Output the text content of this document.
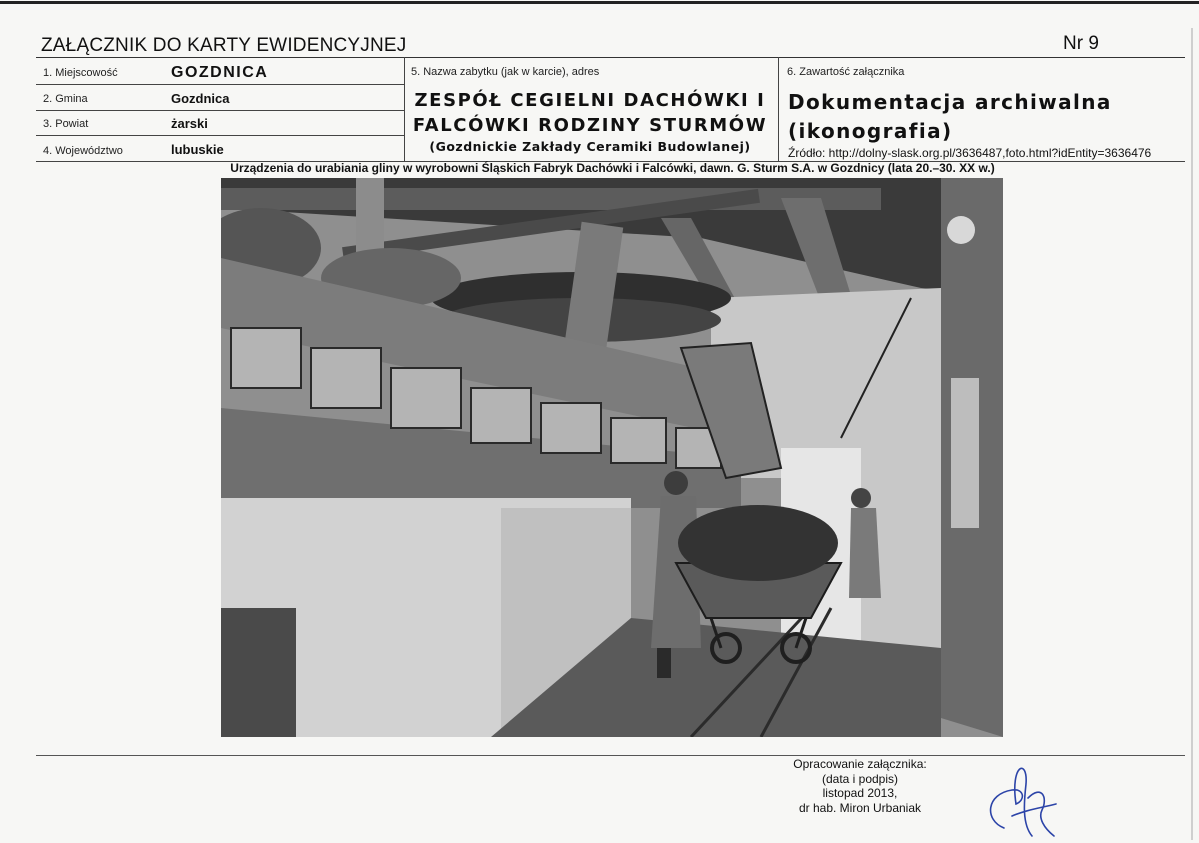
ZAŁĄCZNIK DO KARTY EWIDENCYJNEJ	Nr 9
1. Miejscowość	GOZDNICA
2. Gmina	Gozdnica
3. Powiat	żarski
4. Województwo	lubuskie
5. Nazwa zabytku (jak w karcie), adres
ZESPÓŁ CEGIELNI DACHÓWKI I FALCÓWKI RODZINY STURMÓW
(Gozdnickie Zakłady Ceramiki Budowlanej)
6. Zawartość załącznika
Dokumentacja archiwalna (ikonografia)
Źródło: http://dolny-slask.org.pl/3636487,foto.html?idEntity=3636476
Urządzenia do urabiania gliny w wyrobowni Śląskich Fabryk Dachówki i Falcówki, dawn. G. Sturm S.A. w Gozdnicy (lata 20.–30. XX w.)
Opracowanie załącznika:
(data i podpis)
listopad 2013,
dr hab. Miron Urbaniak
